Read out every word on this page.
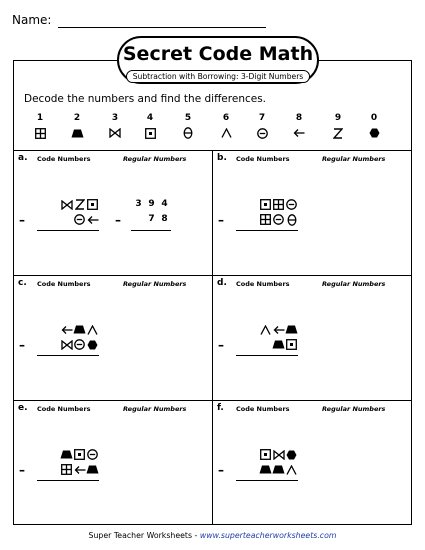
Name:
Secret Code Math
Subtraction with Borrowing: 3-Digit Numbers
Decode the numbers and find the differences.
1	2	3	4	5	6	7	8	9	0
a. Code Numbers	Regular Numbers
–
3 9 4
7 8
–
b. Code Numbers	Regular Numbers
–
c. Code Numbers	Regular Numbers
–
d. Code Numbers	Regular Numbers
–
e. Code Numbers	Regular Numbers
–
f. Code Numbers	Regular Numbers
–
Super Teacher Worksheets - www.superteacherworksheets.com
